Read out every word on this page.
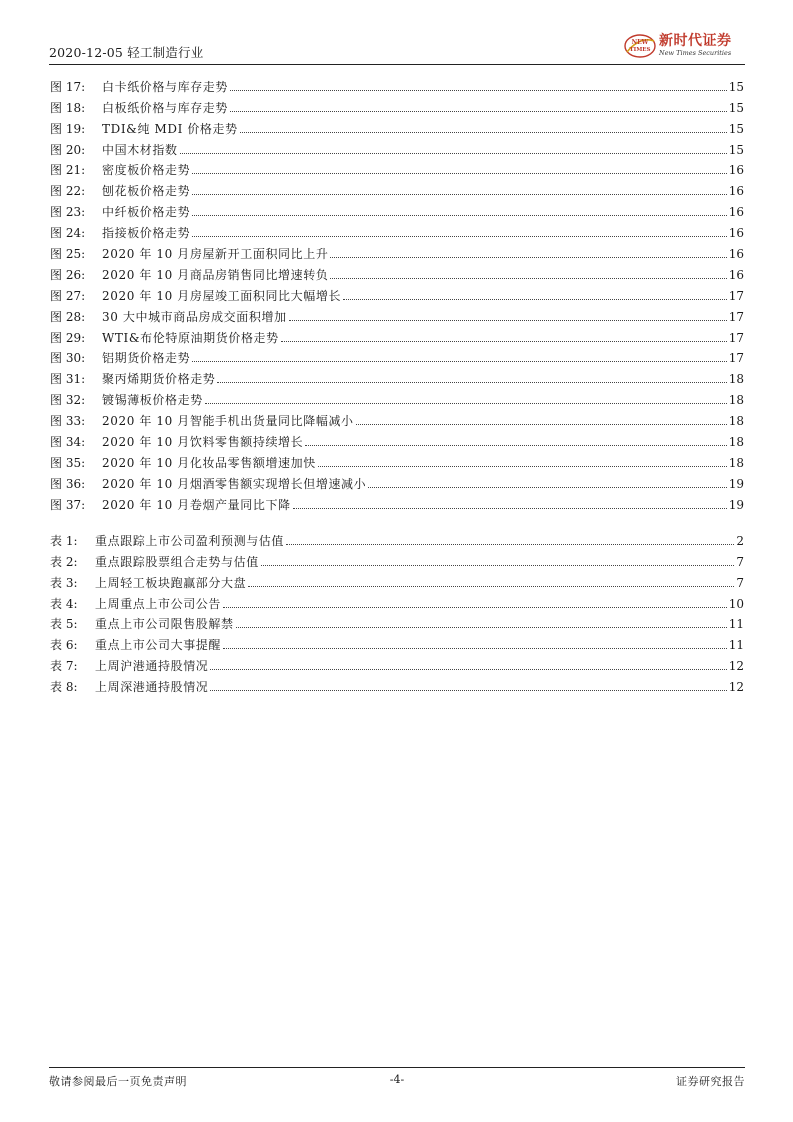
2020-12-05 轻工制造行业
NEW
TIMES
新时代证券
New Times Securities
图 17:	白卡纸价格与库存走势	15
图 18:	白板纸价格与库存走势	15
图 19:	TDI&纯 MDI 价格走势	15
图 20:	中国木材指数	15
图 21:	密度板价格走势	16
图 22:	刨花板价格走势	16
图 23:	中纤板价格走势	16
图 24:	指接板价格走势	16
图 25:	2020 年 10 月房屋新开工面积同比上升	16
图 26:	2020 年 10 月商品房销售同比增速转负	16
图 27:	2020 年 10 月房屋竣工面积同比大幅增长	17
图 28:	30 大中城市商品房成交面积增加	17
图 29:	WTI&布伦特原油期货价格走势	17
图 30:	铝期货价格走势	17
图 31:	聚丙烯期货价格走势	18
图 32:	镀锡薄板价格走势	18
图 33:	2020 年 10 月智能手机出货量同比降幅减小	18
图 34:	2020 年 10 月饮料零售额持续增长	18
图 35:	2020 年 10 月化妆品零售额增速加快	18
图 36:	2020 年 10 月烟酒零售额实现增长但增速减小	19
图 37:	2020 年 10 月卷烟产量同比下降	19
表 1:	重点跟踪上市公司盈利预测与估值	2
表 2:	重点跟踪股票组合走势与估值	7
表 3:	上周轻工板块跑赢部分大盘	7
表 4:	上周重点上市公司公告	10
表 5:	重点上市公司限售股解禁	11
表 6:	重点上市公司大事提醒	11
表 7:	上周沪港通持股情况	12
表 8:	上周深港通持股情况	12
敬请参阅最后一页免责声明	-4-	证券研究报告
